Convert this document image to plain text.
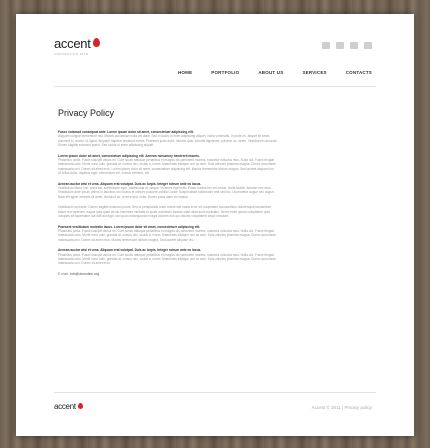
accent
INSPIRATION SITE
HOME	PORTFOLIO	ABOUT US	SERVICES	CONTACTS
Privacy Policy
Fusce euismod consequat ante. Lorem ipsum dolor sit amet, consectetuer adipiscing elit.
Aliquam congue fermentum nisl. Mauris accumsan nulla vel diam. Sed in lacus ut enim adipiscing aliquet. Nulla venenatis. In pede mi, aliquet sit amet, euismod in, auctor ut, ligula. Aliquam dapibus tincidunt metus. Praesent justo dolor, lobortis quis, lobortis dignissim, pulvinar ac, lorem. Vestibulum sed ante. Donec sagittis euismod purus. Sed luctus ut enim adipiscing aliquet.
Lorem ipsum dolor sit amet, consectetuer adipiscing elit. Aenean nonummy hendrerit mauris.
Phasellus porta. Fusce suscipit varius mi. Cum sociis natoque penatibus et magnis dis parturient montes, nascetur ridiculus mus. Nulla dui. Fusce feugiat malesuada odio. Morbi nunc odio, gravida at, cursus nec, luctus a, lorem. Maecenas tristique orci ac sem. Duis ultricies pharetra magna. Donec accumsan malesuada orci. Donec sit amet eros. Lorem ipsum dolor sit amet, consectetuer adipiscing elit. Mauris fermentum dictum magna. Sed laoreet aliquam leo. Ut tellus dolor, dapibus eget, elementum vel, cursus eleifend, elit.
Aenean auctor wisi et urna. Aliquam erat volutpat. Duis ac turpis. Integer rutrum ante eu lacus.
Vestibulum libero nisl, porta vel, scelerisque eget, malesuada at, neque. Vivamus eget nibh. Etiam cursus leo vel metus. Nulla facilisi. Aenean nec eros. Vestibulum ante ipsum primis in faucibus orci luctus et ultrices posuere cubilia Curae; Suspendisse sollicitudin velit sed leo. Ut pharetra augue nec augue. Nam elit agna, endrerit sit amet, tincidunt ac, viverra sed, nulla. Donec porta diam eu massa.
Vestibulum sed ante. Donec sagittis euismod purus. Sed ut perspiciatis unde omnis iste natus error sit voluptatem accusantium doloremque laudantium, totam rem aperiam, eaque ipsa quae ab illo inventore veritatis et quasi architecto beatae vitae dicta sunt explicabo. Nemo enim ipsam voluptatem quia voluptas sit aspernatur aut odit aut fugit, sed quia consequuntur magni dolores eos qui ratione voluptatem sequi nesciunt.
Praesent vestibulum molestie lacus. Lorem ipsum dolor sit amet, consectetuer adipiscing elit.
Phasellus porta. Fusce suscipit varius mi. Cum sociis natoque penatibus et magnis dis parturient montes, nascetur ridiculus mus. Nulla dui. Fusce feugiat malesuada odio. Morbi nunc odio, gravida at, cursus nec, luctus a, lorem. Maecenas tristique orci ac sem. Duis ultricies pharetra magna. Donec accumsan malesuada orci. Donec sit amet eros. Mauris fermentum dictum magna. Sed laoreet aliquam leo.
Aenean auctor wisi et urna. Aliquam erat volutpat. Duis ac turpis. Integer rutrum ante eu lacus.
Phasellus porta. Fusce suscipit varius mi. Cum sociis natoque penatibus et magnis dis parturient montes, nascetur ridiculus mus. Nulla dui. Fusce feugiat malesuada odio. Morbi nunc odio, gravida at, cursus nec, luctus a, lorem. Maecenas tristique orci ac sem. Duis ultricies pharetra magna. Donec accumsan malesuada orci. Donec sit amet eros.
E-mail: info@demolink.org
accent	Accent © 2011 | Privacy policy
